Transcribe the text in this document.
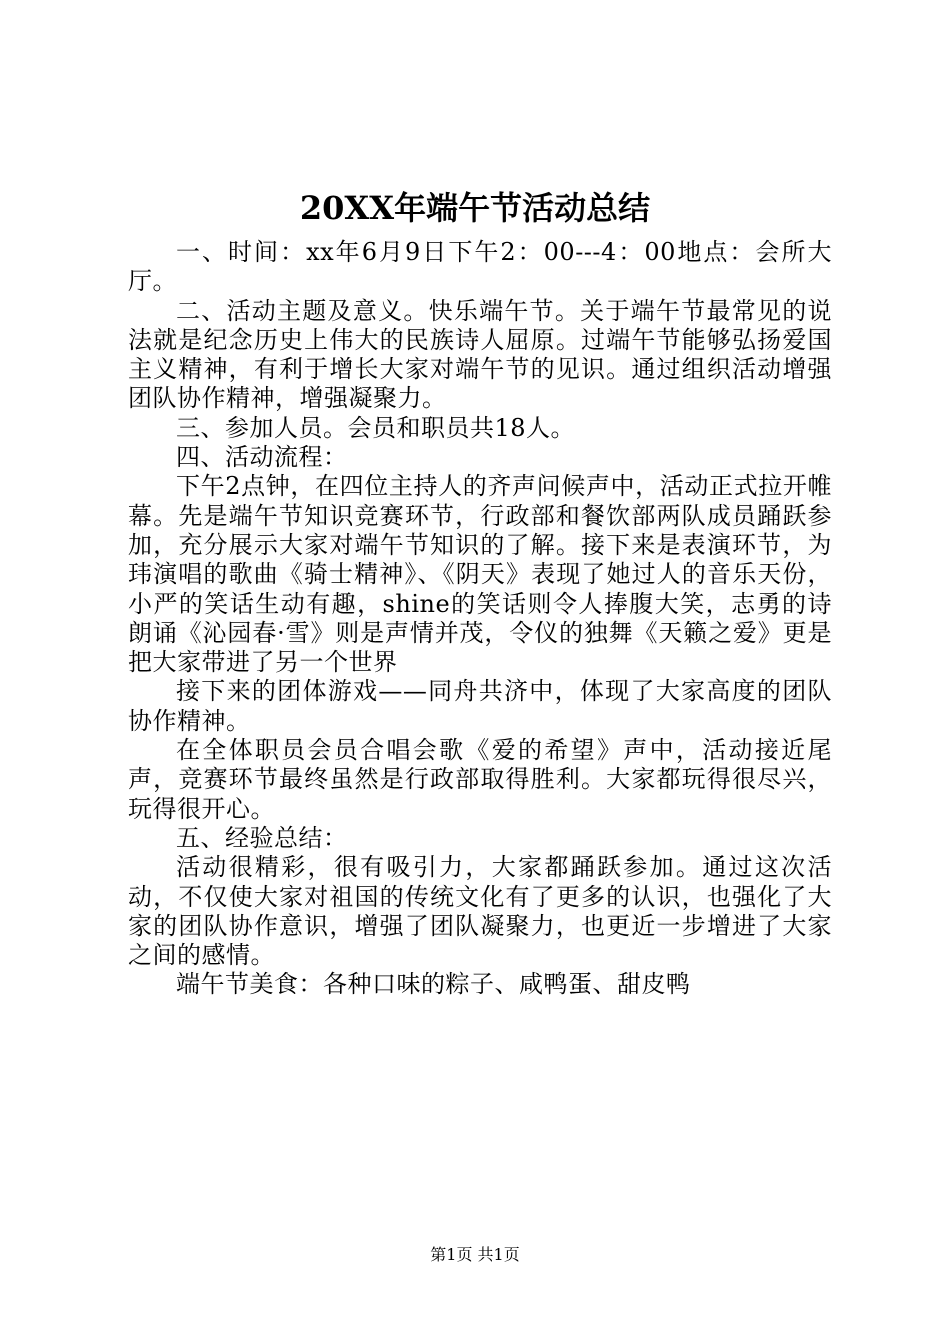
20XX年端午节活动总结

一、时间：xx年6月9日下午2：00---4：00地点：会所大厅。

二、活动主题及意义。快乐端午节。关于端午节最常见的说法就是纪念历史上伟大的民族诗人屈原。过端午节能够弘扬爱国主义精神，有利于增长大家对端午节的见识。通过组织活动增强团队协作精神，增强凝聚力。

三、参加人员。会员和职员共18人。

四、活动流程：

下午2点钟，在四位主持人的齐声问候声中，活动正式拉开帷幕。先是端午节知识竞赛环节，行政部和餐饮部两队成员踊跃参加，充分展示大家对端午节知识的了解。接下来是表演环节，为玮演唱的歌曲《骑士精神》、《阴天》表现了她过人的音乐天份，小严的笑话生动有趣，shine的笑话则令人捧腹大笑，志勇的诗朗诵《沁园春·雪》则是声情并茂，令仪的独舞《天籁之爱》更是把大家带进了另一个世界

接下来的团体游戏——同舟共济中，体现了大家高度的团队协作精神。

在全体职员会员合唱会歌《爱的希望》声中，活动接近尾声，竞赛环节最终虽然是行政部取得胜利。大家都玩得很尽兴，玩得很开心。

五、经验总结：

活动很精彩，很有吸引力，大家都踊跃参加。通过这次活动，不仅使大家对祖国的传统文化有了更多的认识，也强化了大家的团队协作意识，增强了团队凝聚力，也更近一步增进了大家之间的感情。

端午节美食：各种口味的粽子、咸鸭蛋、甜皮鸭

第1页 共1页
